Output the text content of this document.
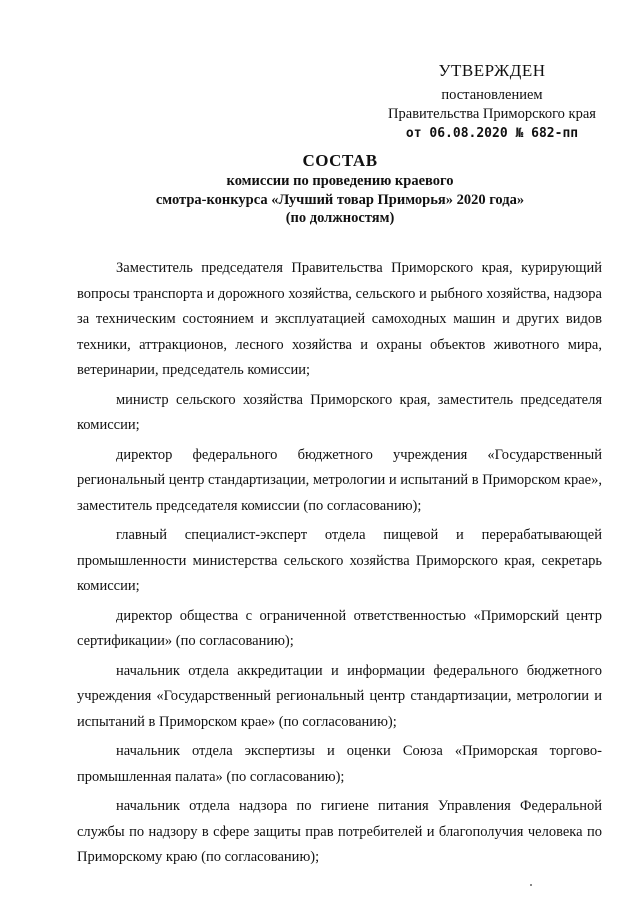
УТВЕРЖДЕН
постановлением
Правительства Приморского края
от 06.08.2020 № 682-пп
СОСТАВ
комиссии по проведению краевого
смотра-конкурса «Лучший товар Приморья» 2020 года»
(по должностям)

Заместитель председателя Правительства Приморского края, курирующий вопросы транспорта и дорожного хозяйства, сельского и рыбного хозяйства, надзора за техническим состоянием и эксплуатацией самоходных машин и других видов техники, аттракционов, лесного хозяйства и охраны объектов животного мира, ветеринарии, председатель комиссии;

министр сельского хозяйства Приморского края, заместитель председателя комиссии;

директор федерального бюджетного учреждения «Государственный региональный центр стандартизации, метрологии и испытаний в Приморском крае», заместитель председателя комиссии (по согласованию);

главный специалист-эксперт отдела пищевой и перерабатывающей промышленности министерства сельского хозяйства Приморского края, секретарь комиссии;

директор общества с ограниченной ответственностью «Приморский центр сертификации» (по согласованию);

начальник отдела аккредитации и информации федерального бюджетного учреждения «Государственный региональный центр стандартизации, метрологии и испытаний в Приморском крае» (по согласованию);

начальник отдела экспертизы и оценки Союза «Приморская торгово-промышленная палата» (по согласованию);

начальник отдела надзора по гигиене питания Управления Федеральной службы по надзору в сфере защиты прав потребителей и благополучия человека по Приморскому краю (по согласованию);
